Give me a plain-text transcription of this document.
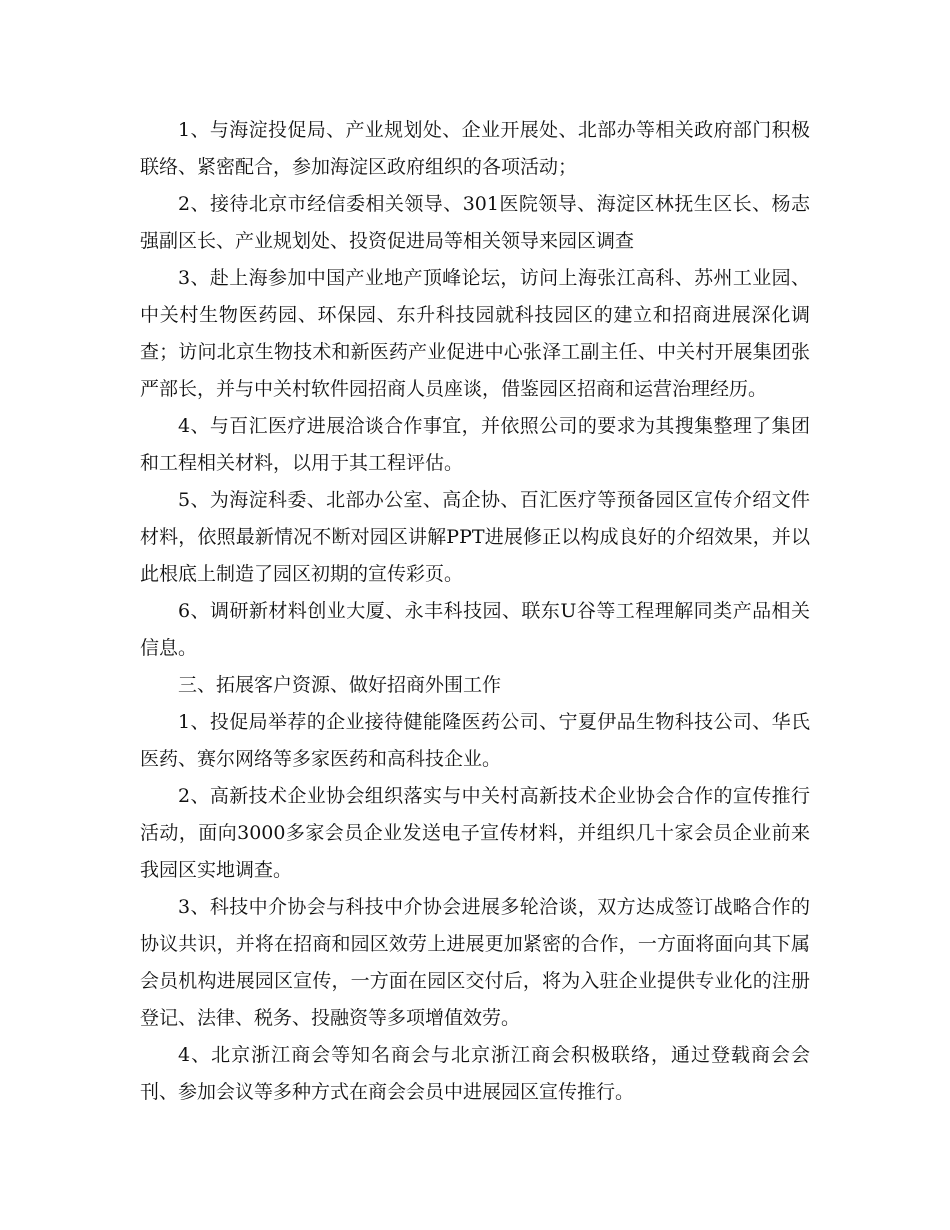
1、与海淀投促局、产业规划处、企业开展处、北部办等相关政府部门积极联络、紧密配合，参加海淀区政府组织的各项活动；

2、接待北京市经信委相关领导、301医院领导、海淀区林抚生区长、杨志强副区长、产业规划处、投资促进局等相关领导来园区调查

3、赴上海参加中国产业地产顶峰论坛，访问上海张江高科、苏州工业园、中关村生物医药园、环保园、东升科技园就科技园区的建立和招商进展深化调查；访问北京生物技术和新医药产业促进中心张泽工副主任、中关村开展集团张严部长，并与中关村软件园招商人员座谈，借鉴园区招商和运营治理经历。

4、与百汇医疗进展洽谈合作事宜，并依照公司的要求为其搜集整理了集团和工程相关材料，以用于其工程评估。

5、为海淀科委、北部办公室、高企协、百汇医疗等预备园区宣传介绍文件材料，依照最新情况不断对园区讲解PPT进展修正以构成良好的介绍效果，并以此根底上制造了园区初期的宣传彩页。

6、调研新材料创业大厦、永丰科技园、联东U谷等工程理解同类产品相关信息。

三、拓展客户资源、做好招商外围工作

1、投促局举荐的企业接待健能隆医药公司、宁夏伊品生物科技公司、华氏医药、赛尔网络等多家医药和高科技企业。

2、高新技术企业协会组织落实与中关村高新技术企业协会合作的宣传推行活动，面向3000多家会员企业发送电子宣传材料，并组织几十家会员企业前来我园区实地调查。

3、科技中介协会与科技中介协会进展多轮洽谈，双方达成签订战略合作的协议共识，并将在招商和园区效劳上进展更加紧密的合作，一方面将面向其下属会员机构进展园区宣传，一方面在园区交付后，将为入驻企业提供专业化的注册登记、法律、税务、投融资等多项增值效劳。

4、北京浙江商会等知名商会与北京浙江商会积极联络，通过登载商会会刊、参加会议等多种方式在商会会员中进展园区宣传推行。
